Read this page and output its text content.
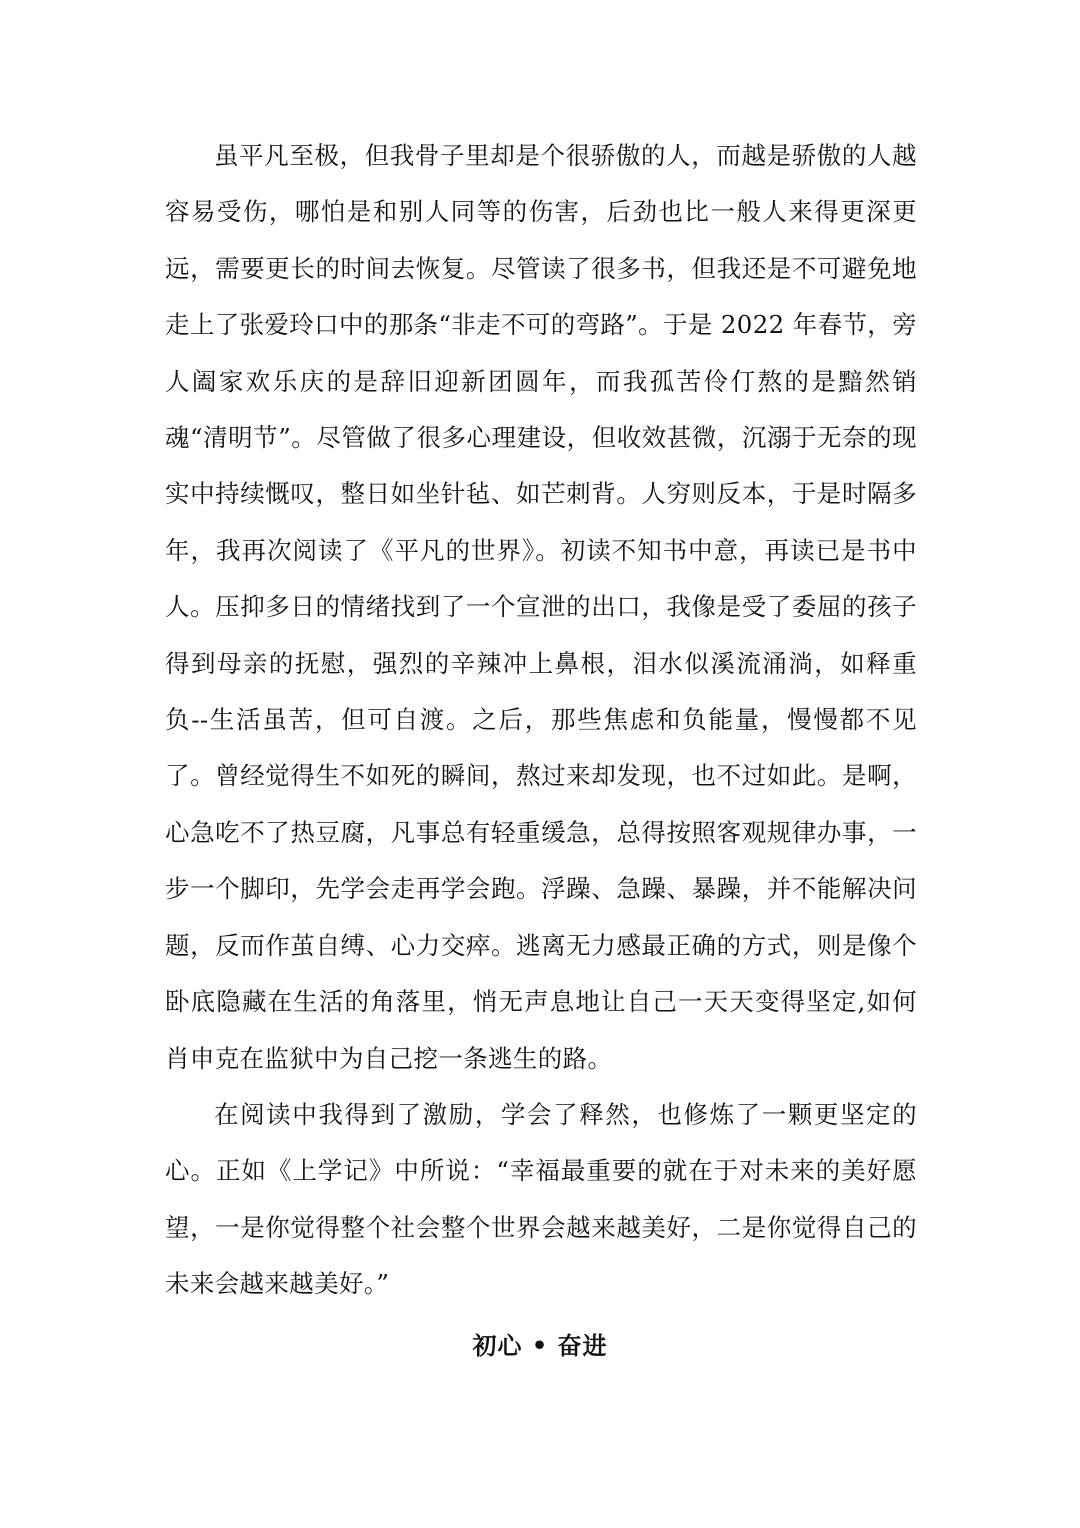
虽平凡至极，但我骨子里却是个很骄傲的人，而越是骄傲的人越容易受伤，哪怕是和别人同等的伤害，后劲也比一般人来得更深更远，需要更长的时间去恢复。尽管读了很多书，但我还是不可避免地走上了张爱玲口中的那条“非走不可的弯路”。于是 2022 年春节，旁人阖家欢乐庆的是辞旧迎新团圆年，而我孤苦伶仃熬的是黯然销魂“清明节”。尽管做了很多心理建设，但收效甚微，沉溺于无奈的现实中持续慨叹，整日如坐针毡、如芒刺背。人穷则反本，于是时隔多年，我再次阅读了《平凡的世界》。初读不知书中意，再读已是书中人。压抑多日的情绪找到了一个宣泄的出口，我像是受了委屈的孩子得到母亲的抚慰，强烈的辛辣冲上鼻根，泪水似溪流涌淌，如释重负--生活虽苦，但可自渡。之后，那些焦虑和负能量，慢慢都不见了。曾经觉得生不如死的瞬间，熬过来却发现，也不过如此。是啊，心急吃不了热豆腐，凡事总有轻重缓急，总得按照客观规律办事，一步一个脚印，先学会走再学会跑。浮躁、急躁、暴躁，并不能解决问题，反而作茧自缚、心力交瘁。逃离无力感最正确的方式，则是像个卧底隐藏在生活的角落里，悄无声息地让自己一天天变得坚定,如何肖申克在监狱中为自己挖一条逃生的路。

在阅读中我得到了激励，学会了释然，也修炼了一颗更坚定的心。正如《上学记》中所说：“幸福最重要的就在于对未来的美好愿望，一是你觉得整个社会整个世界会越来越美好，二是你觉得自己的未来会越来越美好。”

初心 • 奋进
